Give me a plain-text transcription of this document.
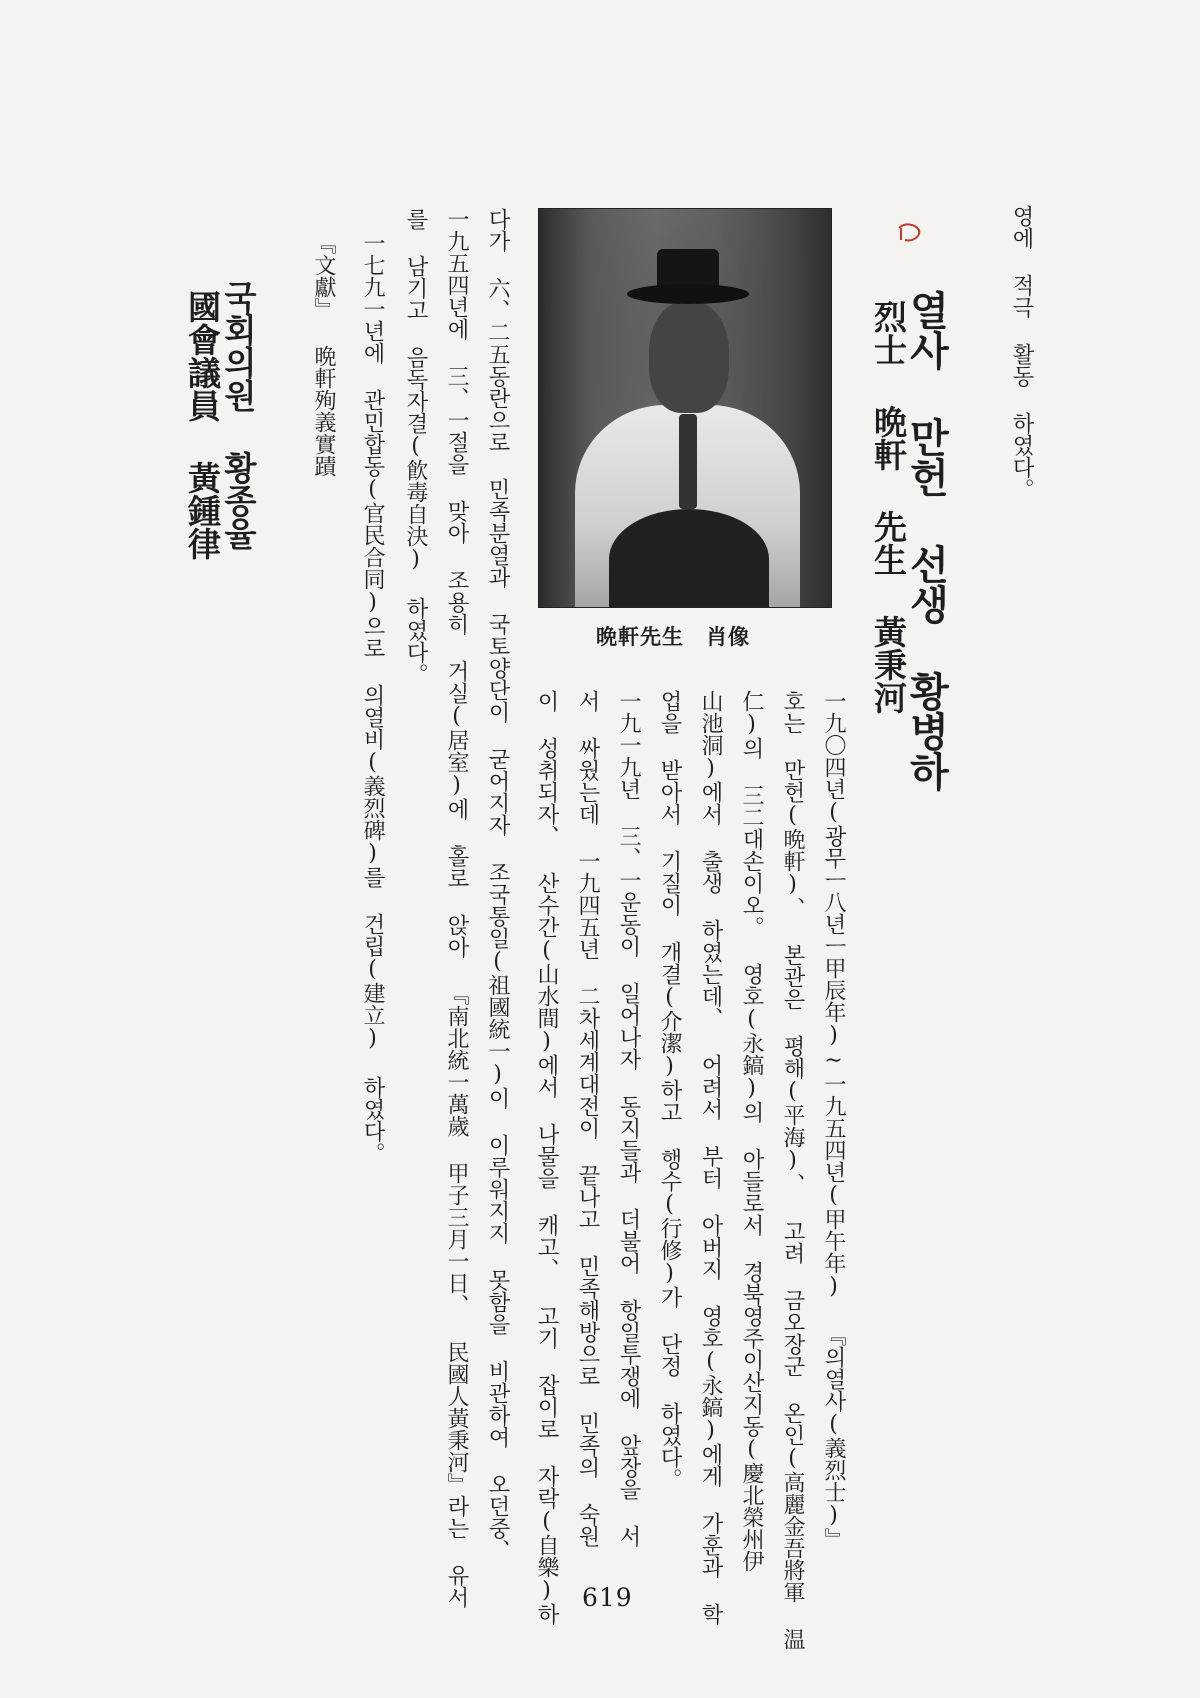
영에 적극 활동 하였다。
열사 만헌 선생 황병하
烈士 晩軒 先生 黃秉河
一九〇四년(광무ㅡ八년ㅡ甲辰年)∼一九五四년(甲午年) 『의열사(義烈士)』
호는 만헌(晩軒)、 본관은 평해(平海)、 고려 금오장군 온인(高麗金吾將軍 温
仁)의 三二대손이오。 영호(永鎬)의 아들로서 경북영주이산지동(慶北榮州伊
山池洞)에서 출생 하였는데、 어려서 부터 아버지 영호(永鎬)에게 가훈과 학
업을 받아서 기질이 개결(介潔)하고 행수(行修)가 단정 하였다。
一九一九년 三、一운동이 일어나자 동지들과 더불어 항일투쟁에 앞장을 서
서 싸웠는데 一九四五년 二차세계대전이 끝나고 민족해방으로 민족의 숙원
이 성취되자、 산수간(山水間)에서 나물을 캐고、 고기 잡이로 자락(自樂)하
晩軒先生　肖像
다가 六、二五동란으로 민족분열과 국토양단이 굳어지자 조국통일(祖國統一)이 이루워지지 못함을 비관하여 오던중、
一九五四년에 三、一절을 맞아 조용히 거실(居室)에 홀로 앉아 『南北統一萬歲 甲子三月一日、 民國人黃秉河』라는 유서
를 남기고 음독자결(飮毒自決) 하였다。
一七九一년에 관민합동(官民合同)으로 의열비(義烈碑)를 건립(建立) 하였다。
『文獻』 晩軒殉義實蹟
국회의원 황종율
國會議員 黃鍾律
619
